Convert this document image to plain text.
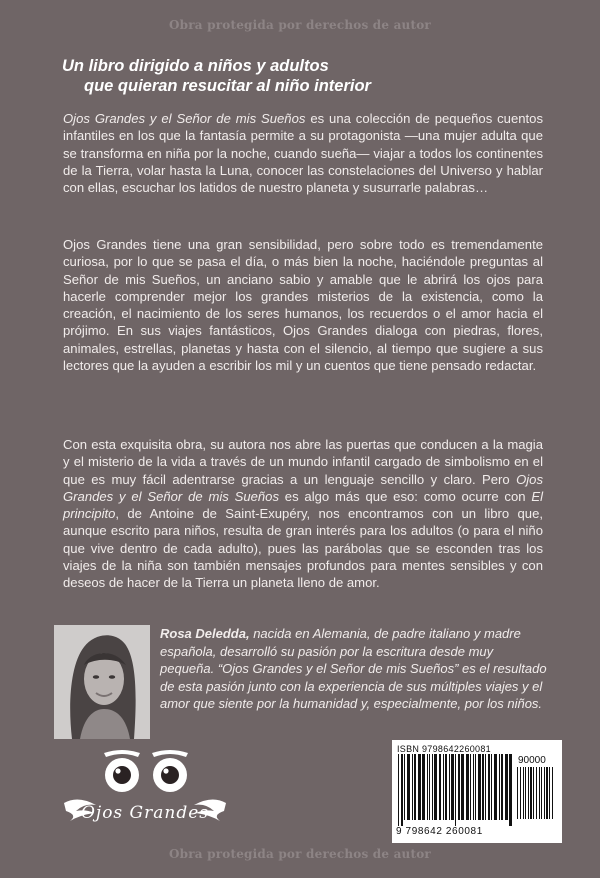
Obra protegida por derechos de autor
Un libro dirigido a niños y adultos
que quieran resucitar al niño interior

Ojos Grandes y el Señor de mis Sueños es una colección de pequeños cuentos infantiles en los que la fantasía permite a su protagonista —una mujer adulta que se transforma en niña por la noche, cuando sueña— viajar a todos los continentes de la Tierra, volar hasta la Luna, conocer las constelaciones del Universo y hablar con ellas, escuchar los latidos de nuestro planeta y susurrarle palabras…

Ojos Grandes tiene una gran sensibilidad, pero sobre todo es tremendamente curiosa, por lo que se pasa el día, o más bien la noche, haciéndole preguntas al Señor de mis Sueños, un anciano sabio y amable que le abrirá los ojos para hacerle comprender mejor los grandes misterios de la existencia, como la creación, el nacimiento de los seres humanos, los recuerdos o el amor hacia el prójimo. En sus viajes fantásticos, Ojos Grandes dialoga con piedras, flores, animales, estrellas, planetas y hasta con el silencio, al tiempo que sugiere a sus lectores que la ayuden a escribir los mil y un cuentos que tiene pensado redactar.

Con esta exquisita obra, su autora nos abre las puertas que conducen a la magia y el misterio de la vida a través de un mundo infantil cargado de simbolismo en el que es muy fácil adentrarse gracias a un lenguaje sencillo y claro. Pero Ojos Grandes y el Señor de mis Sueños es algo más que eso: como ocurre con El principito, de Antoine de Saint-Exupéry, nos encontramos con un libro que, aunque escrito para niños, resulta de gran interés para los adultos (o para el niño que vive dentro de cada adulto), pues las parábolas que se esconden tras los viajes de la niña son también mensajes profundos para mentes sensibles y con deseos de hacer de la Tierra un planeta lleno de amor.

Rosa Deledda, nacida en Alemania, de padre italiano y madre española, desarrolló su pasión por la escritura desde muy pequeña. “Ojos Grandes y el Señor de mis Sueños” es el resultado de esta pasión junto con la experiencia de sus múltiples viajes y el amor que siente por la humanidad y, especialmente, por los niños.

Ojos Grandes
ISBN 9798642260081
90000
9 798642 260081
Obra protegida por derechos de autor
